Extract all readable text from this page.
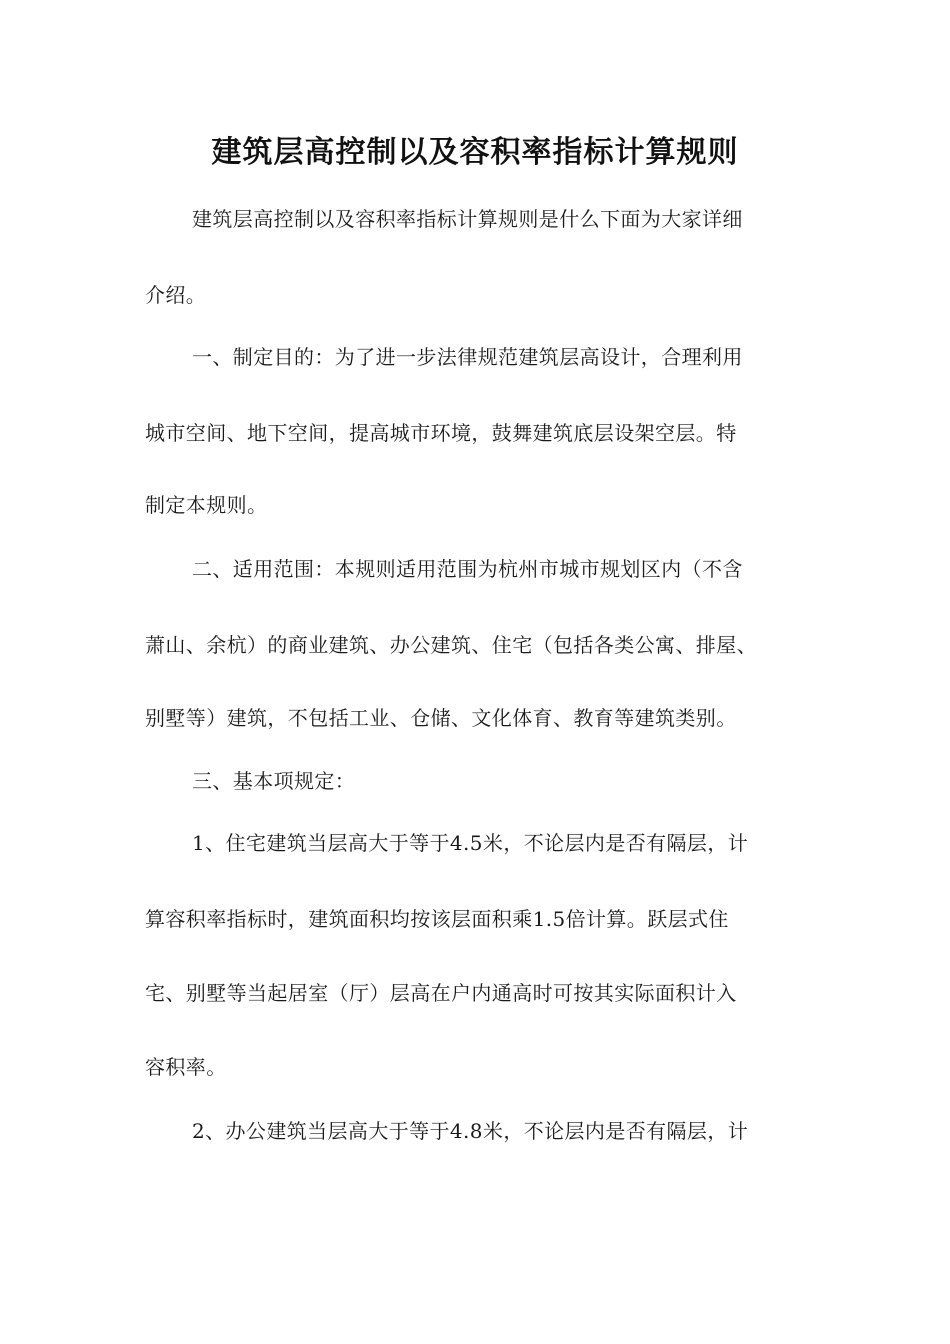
建筑层高控制以及容积率指标计算规则
建筑层高控制以及容积率指标计算规则是什么下面为大家详细
介绍。
一、制定目的：为了进一步法律规范建筑层高设计，合理利用
城市空间、地下空间，提高城市环境，鼓舞建筑底层设架空层。特
制定本规则。
二、适用范围：本规则适用范围为杭州市城市规划区内（不含
萧山、余杭）的商业建筑、办公建筑、住宅（包括各类公寓、排屋、
别墅等）建筑，不包括工业、仓储、文化体育、教育等建筑类别。
三、基本项规定：
1、住宅建筑当层高大于等于4.5米，不论层内是否有隔层，计
算容积率指标时，建筑面积均按该层面积乘1.5倍计算。跃层式住
宅、别墅等当起居室（厅）层高在户内通高时可按其实际面积计入
容积率。
2、办公建筑当层高大于等于4.8米，不论层内是否有隔层，计
